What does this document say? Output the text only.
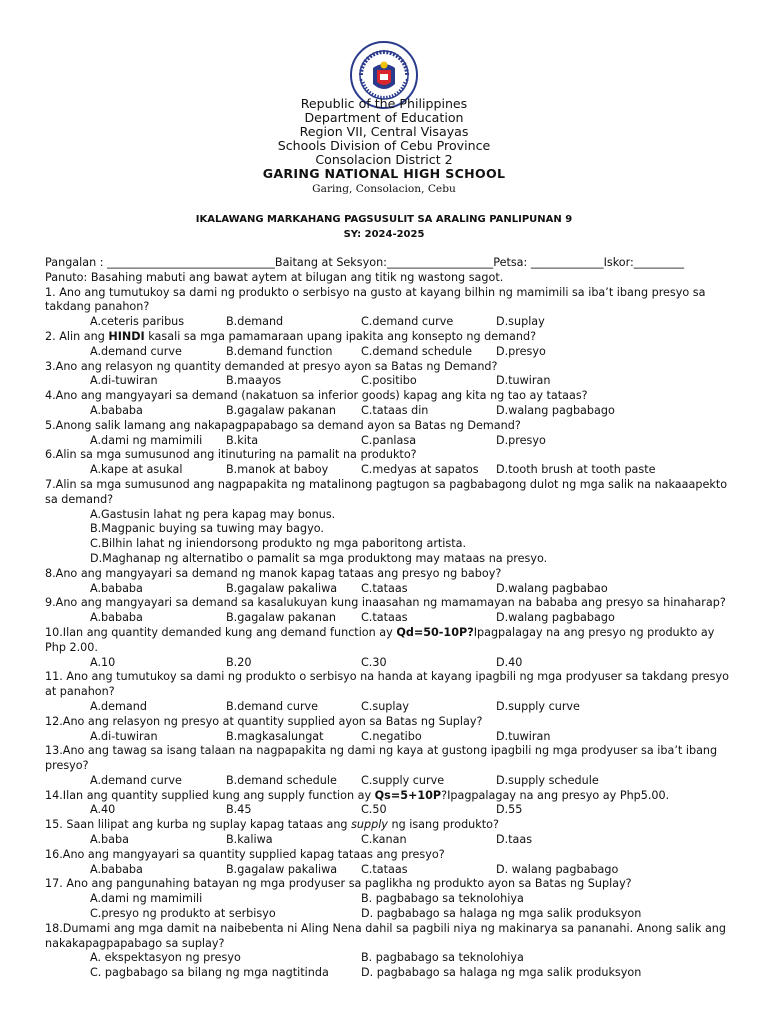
Republic of the Philippines
Department of Education
Region VII, Central Visayas
Schools Division of Cebu Province
Consolacion District 2
GARING NATIONAL HIGH SCHOOL
Garing, Consolacion, Cebu
IKALAWANG MARKAHANG PAGSUSULIT SA ARALING PANLIPUNAN 9
SY: 2024-2025
Pangalan : ______________________________Baitang at Seksyon:___________________Petsa: _____________Iskor:_________
Panuto: Basahing mabuti ang bawat aytem at bilugan ang titik ng wastong sagot.
1. Ano ang tumutukoy sa dami ng produkto o serbisyo na gusto at kayang bilhin ng mamimili sa iba’t ibang presyo sa
takdang panahon?
A.ceteris paribus	B.demand	C.demand curve	D.suplay
2. Alin ang HINDI kasali sa mga pamamaraan upang ipakita ang konsepto ng demand?
A.demand curve	B.demand function	C.demand schedule	D.presyo
3.Ano ang relasyon ng quantity demanded at presyo ayon sa Batas ng Demand?
A.di-tuwiran	B.maayos	C.positibo	D.tuwiran
4.Ano ang mangyayari sa demand (nakatuon sa inferior goods) kapag ang kita ng tao ay tataas?
A.bababa	B.gagalaw pakanan	C.tataas din	D.walang pagbabago
5.Anong salik lamang ang nakapagpapabago sa demand ayon sa Batas ng Demand?
A.dami ng mamimili	B.kita	C.panlasa	D.presyo
6.Alin sa mga sumusunod ang itinuturing na pamalit na produkto?
A.kape at asukal	B.manok at baboy	C.medyas at sapatos	D.tooth brush at tooth paste
7.Alin sa mga sumusunod ang nagpapakita ng matalinong pagtugon sa pagbabagong dulot ng mga salik na nakaaapekto
sa demand?
A.Gastusin lahat ng pera kapag may bonus.
B.Magpanic buying sa tuwing may bagyo.
C.Bilhin lahat ng iniendorsong produkto ng mga paboritong artista.
D.Maghanap ng alternatibo o pamalit sa mga produktong may mataas na presyo.
8.Ano ang mangyayari sa demand ng manok kapag tataas ang presyo ng baboy?
A.bababa	B.gagalaw pakaliwa	C.tataas	D.walang pagbabao
9.Ano ang mangyayari sa demand sa kasalukuyan kung inaasahan ng mamamayan na bababa ang presyo sa hinaharap?
A.bababa	B.gagalaw pakanan	C.tataas	D.walang pagbabago
10.Ilan ang quantity demanded kung ang demand function ay Qd=50-10P?Ipagpalagay na ang presyo ng produkto ay
Php 2.00.
A.10	B.20	C.30	D.40
11. Ano ang tumutukoy sa dami ng produkto o serbisyo na handa at kayang ipagbili ng mga prodyuser sa takdang presyo
at panahon?
A.demand	B.demand curve	C.suplay	D.supply curve
12.Ano ang relasyon ng presyo at quantity supplied ayon sa Batas ng Suplay?
A.di-tuwiran	B.magkasalungat	C.negatibo	D.tuwiran
13.Ano ang tawag sa isang talaan na nagpapakita ng dami ng kaya at gustong ipagbili ng mga prodyuser sa iba’t ibang
presyo?
A.demand curve	B.demand schedule	C.supply curve	D.supply schedule
14.Ilan ang quantity supplied kung ang supply function ay Qs=5+10P?Ipagpalagay na ang presyo ay Php5.00.
A.40	B.45	C.50	D.55
15. Saan lilipat ang kurba ng suplay kapag tataas ang supply ng isang produkto?
A.baba	B.kaliwa	C.kanan	D.taas
16.Ano ang mangyayari sa quantity supplied kapag tataas ang presyo?
A.bababa	B.gagalaw pakaliwa	C.tataas	D. walang pagbabago
17. Ano ang pangunahing batayan ng mga prodyuser sa paglikha ng produkto ayon sa Batas ng Suplay?
A.dami ng mamimili	B. pagbabago sa teknolohiya
C.presyo ng produkto at serbisyo	D. pagbabago sa halaga ng mga salik produksyon
18.Dumami ang mga damit na naibebenta ni Aling Nena dahil sa pagbili niya ng makinarya sa pananahi. Anong salik ang
nakakapagpapabago sa suplay?
A. ekspektasyon ng presyo	B. pagbabago sa teknolohiya
C. pagbabago sa bilang ng mga nagtitinda	D. pagbabago sa halaga ng mga salik produksyon
